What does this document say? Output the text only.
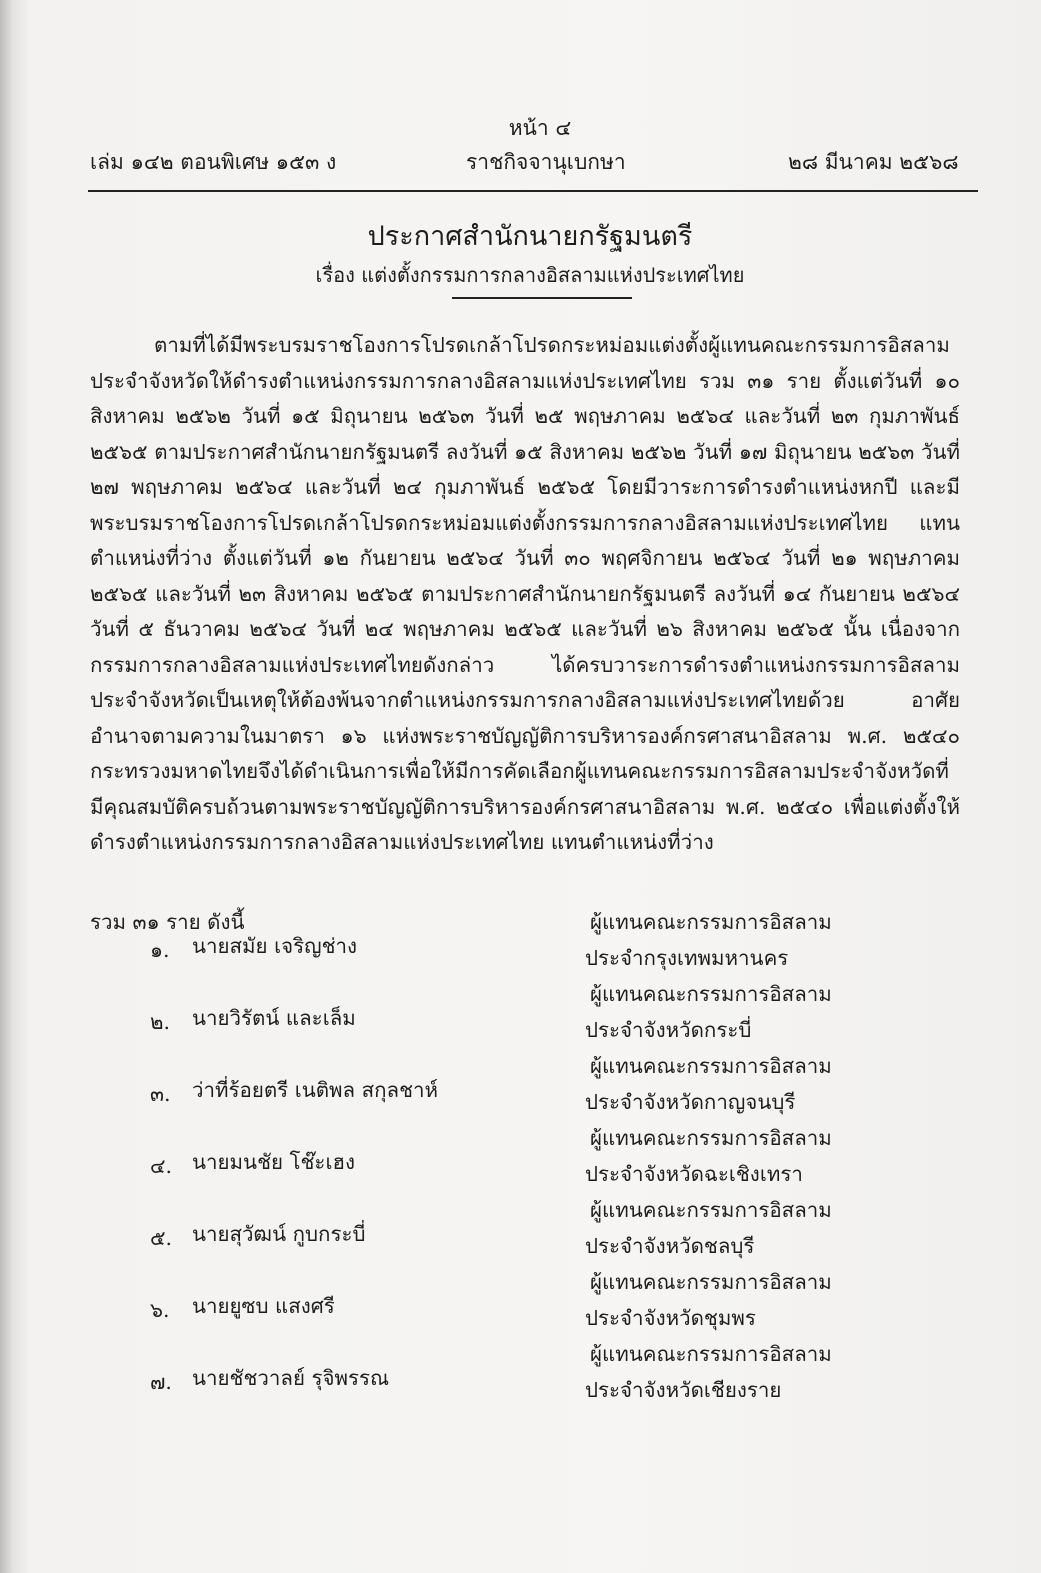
หน้า ๔
เล่ม ๑๔๒ ตอนพิเศษ ๑๕๓ ง	ราชกิจจานุเบกษา	๒๘ มีนาคม ๒๕๖๘
ประกาศสำนักนายกรัฐมนตรี
เรื่อง แต่งตั้งกรรมการกลางอิสลามแห่งประเทศไทย

ตามที่ได้มีพระบรมราชโองการโปรดเกล้าโปรดกระหม่อมแต่งตั้งผู้แทนคณะกรรมการอิสลามประจำจังหวัดให้ดำรงตำแหน่งกรรมการกลางอิสลามแห่งประเทศไทย รวม ๓๑ ราย ตั้งแต่วันที่ ๑๐ สิงหาคม ๒๕๖๒ วันที่ ๑๕ มิถุนายน ๒๕๖๓ วันที่ ๒๕ พฤษภาคม ๒๕๖๔ และวันที่ ๒๓ กุมภาพันธ์ ๒๕๖๕ ตามประกาศสำนักนายกรัฐมนตรี ลงวันที่ ๑๕ สิงหาคม ๒๕๖๒ วันที่ ๑๗ มิถุนายน ๒๕๖๓ วันที่ ๒๗ พฤษภาคม ๒๕๖๔ และวันที่ ๒๔ กุมภาพันธ์ ๒๕๖๕ โดยมีวาระการดำรงตำแหน่งหกปี และมีพระบรมราชโองการโปรดเกล้าโปรดกระหม่อมแต่งตั้งกรรมการกลางอิสลามแห่งประเทศไทย แทนตำแหน่งที่ว่าง ตั้งแต่วันที่ ๑๒ กันยายน ๒๕๖๔ วันที่ ๓๐ พฤศจิกายน ๒๕๖๔ วันที่ ๒๑ พฤษภาคม ๒๕๖๕ และวันที่ ๒๓ สิงหาคม ๒๕๖๕ ตามประกาศสำนักนายกรัฐมนตรี ลงวันที่ ๑๔ กันยายน ๒๕๖๔ วันที่ ๕ ธันวาคม ๒๕๖๔ วันที่ ๒๔ พฤษภาคม ๒๕๖๕ และวันที่ ๒๖ สิงหาคม ๒๕๖๕ นั้น เนื่องจากกรรมการกลางอิสลามแห่งประเทศไทยดังกล่าว ได้ครบวาระการดำรงตำแหน่งกรรมการอิสลามประจำจังหวัดเป็นเหตุให้ต้องพ้นจากตำแหน่งกรรมการกลางอิสลามแห่งประเทศไทยด้วย อาศัยอำนาจตามความในมาตรา ๑๖ แห่งพระราชบัญญัติการบริหารองค์กรศาสนาอิสลาม พ.ศ. ๒๕๔๐ กระทรวงมหาดไทยจึงได้ดำเนินการเพื่อให้มีการคัดเลือกผู้แทนคณะกรรมการอิสลามประจำจังหวัดที่มีคุณสมบัติครบถ้วนตามพระราชบัญญัติการบริหารองค์กรศาสนาอิสลาม พ.ศ. ๒๕๔๐ เพื่อแต่งตั้งให้ดำรงตำแหน่งกรรมการกลางอิสลามแห่งประเทศไทย แทนตำแหน่งที่ว่าง

รวม ๓๑ ราย ดังนี้
๑. นายสมัย เจริญช่าง
ผู้แทนคณะกรรมการอิสลาม
ประจำกรุงเทพมหานคร
๒. นายวิรัตน์ และเล็ม
ผู้แทนคณะกรรมการอิสลาม
ประจำจังหวัดกระบี่
๓. ว่าที่ร้อยตรี เนติพล สกุลชาห์
ผู้แทนคณะกรรมการอิสลาม
ประจำจังหวัดกาญจนบุรี
๔. นายมนชัย โช๊ะเฮง
ผู้แทนคณะกรรมการอิสลาม
ประจำจังหวัดฉะเชิงเทรา
๕. นายสุวัฒน์ กูบกระบี่
ผู้แทนคณะกรรมการอิสลาม
ประจำจังหวัดชลบุรี
๖. นายยูซบ แสงศรี
ผู้แทนคณะกรรมการอิสลาม
ประจำจังหวัดชุมพร
๗. นายชัชวาลย์ รุจิพรรณ
ผู้แทนคณะกรรมการอิสลาม
ประจำจังหวัดเชียงราย
